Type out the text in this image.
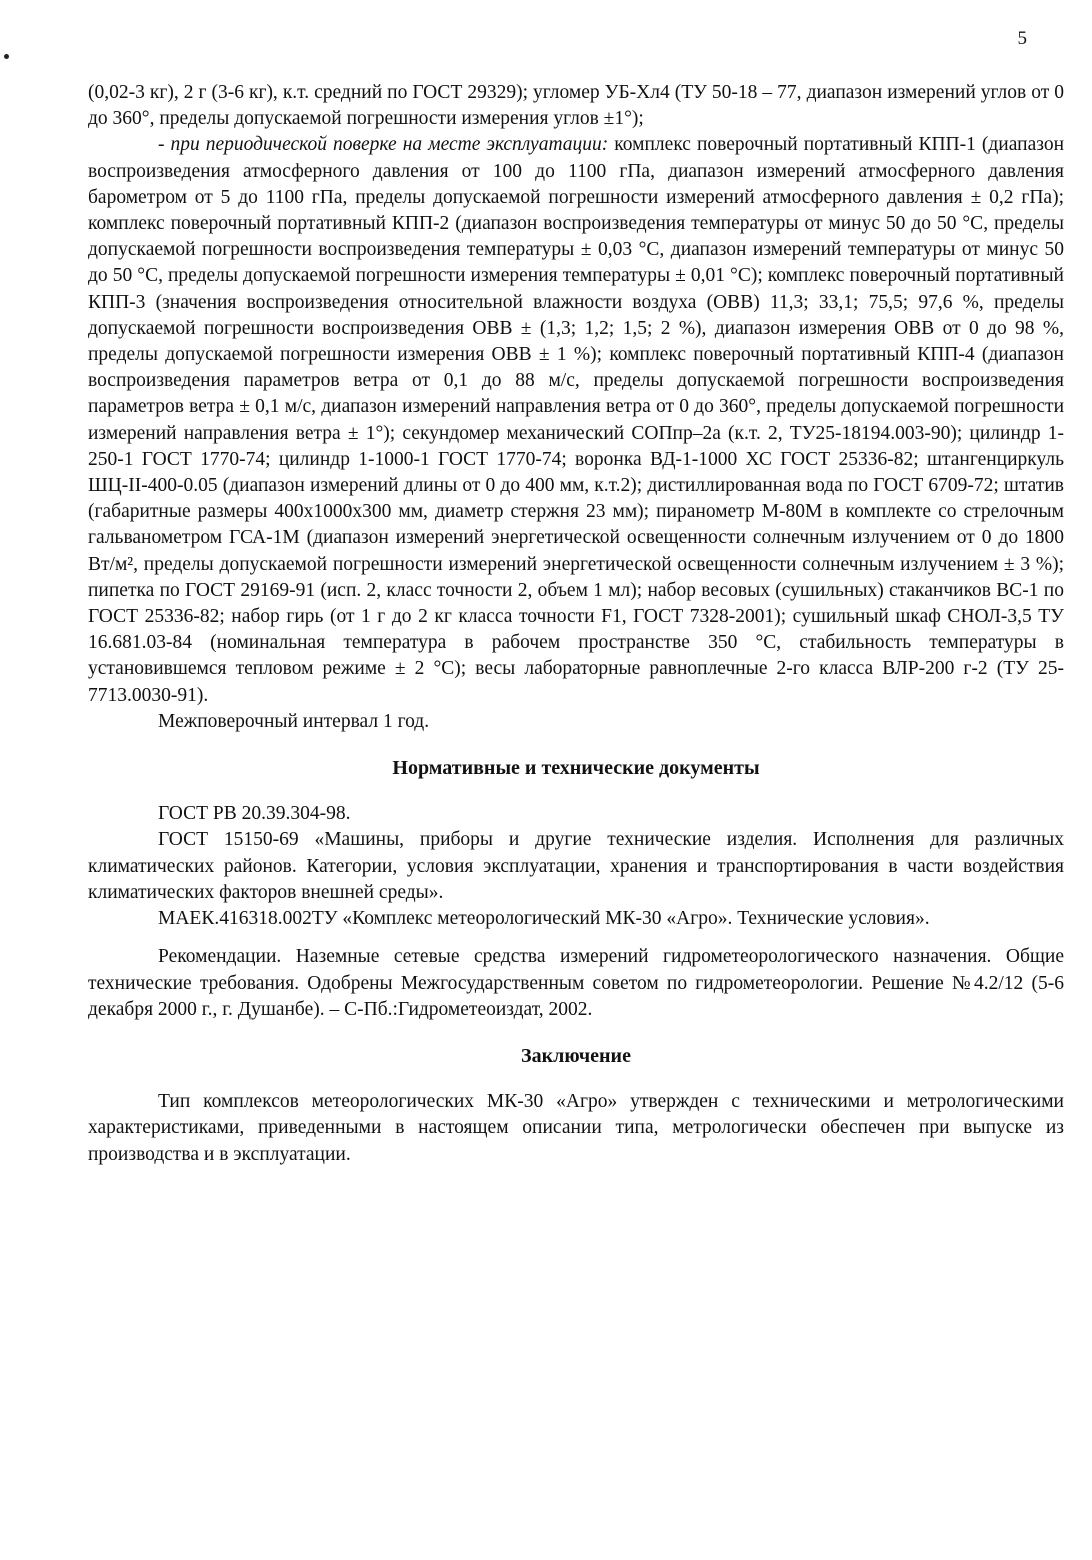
5

(0,02-3 кг), 2 г (3-6 кг), к.т. средний по ГОСТ 29329); угломер УБ-Хл4 (ТУ 50-18 – 77, диапазон измерений углов от 0 до 360°, пределы допускаемой погрешности измерения углов ±1°);

- при периодической поверке на месте эксплуатации: комплекс поверочный портативный КПП-1 (диапазон воспроизведения атмосферного давления от 100 до 1100 гПа, диапазон измерений атмосферного давления барометром от 5 до 1100 гПа, пределы допускаемой погрешности измерений атмосферного давления ± 0,2 гПа); комплекс поверочный портативный КПП-2 (диапазон воспроизведения температуры от минус 50 до 50 °С, пределы допускаемой погрешности воспроизведения температуры ± 0,03 °С, диапазон измерений температуры от минус 50 до 50 °С, пределы допускаемой погрешности измерения температуры ± 0,01 °С); комплекс поверочный портативный КПП-3 (значения воспроизведения относительной влажности воздуха (ОВВ) 11,3; 33,1; 75,5; 97,6 %, пределы допускаемой погрешности воспроизведения ОВВ ± (1,3; 1,2; 1,5; 2 %), диапазон измерения ОВВ от 0 до 98 %, пределы допускаемой погрешности измерения ОВВ ± 1 %); комплекс поверочный портативный КПП-4 (диапазон воспроизведения параметров ветра от 0,1 до 88 м/с, пределы допускаемой погрешности воспроизведения параметров ветра ± 0,1 м/с, диапазон измерений направления ветра от 0 до 360°, пределы допускаемой погрешности измерений направления ветра ± 1°); секундомер механический СОПпр–2а (к.т. 2, ТУ25-18194.003-90); цилиндр 1-250-1 ГОСТ 1770-74; цилиндр 1-1000-1 ГОСТ 1770-74; воронка ВД-1-1000 ХС ГОСТ 25336-82; штангенциркуль ШЦ-II-400-0.05 (диапазон измерений длины от 0 до 400 мм, к.т.2); дистиллированная вода по ГОСТ 6709-72; штатив (габаритные размеры 400х1000х300 мм, диаметр стержня 23 мм); пиранометр М-80М в комплекте со стрелочным гальванометром ГСА-1М (диапазон измерений энергетической освещенности солнечным излучением от 0 до 1800 Вт/м², пределы допускаемой погрешности измерений энергетической освещенности солнечным излучением ± 3 %); пипетка по ГОСТ 29169-91 (исп. 2, класс точности 2, объем 1 мл); набор весовых (сушильных) стаканчиков ВС-1 по ГОСТ 25336-82; набор гирь (от 1 г до 2 кг класса точности F1, ГОСТ 7328-2001); сушильный шкаф СНОЛ-3,5 ТУ 16.681.03-84 (номинальная температура в рабочем пространстве 350 °С, стабильность температуры в установившемся тепловом режиме ± 2 °С); весы лабораторные равноплечные 2-го класса ВЛР-200 г-2 (ТУ 25-7713.0030-91).

Межповерочный интервал 1 год.

Нормативные и технические документы

ГОСТ РВ 20.39.304-98.

ГОСТ 15150-69 «Машины, приборы и другие технические изделия. Исполнения для различных климатических районов. Категории, условия эксплуатации, хранения и транспортирования в части воздействия климатических факторов внешней среды».

МАЕК.416318.002ТУ «Комплекс метеорологический МК-30 «Агро». Технические условия».

Рекомендации. Наземные сетевые средства измерений гидрометеорологического назначения. Общие технические требования. Одобрены Межгосударственным советом по гидрометеорологии. Решение №4.2/12 (5-6 декабря 2000 г., г. Душанбе). – С-Пб.:Гидрометеоиздат, 2002.

Заключение

Тип комплексов метеорологических МК-30 «Агро» утвержден с техническими и метрологическими характеристиками, приведенными в настоящем описании типа, метрологически обеспечен при выпуске из производства и в эксплуатации.
